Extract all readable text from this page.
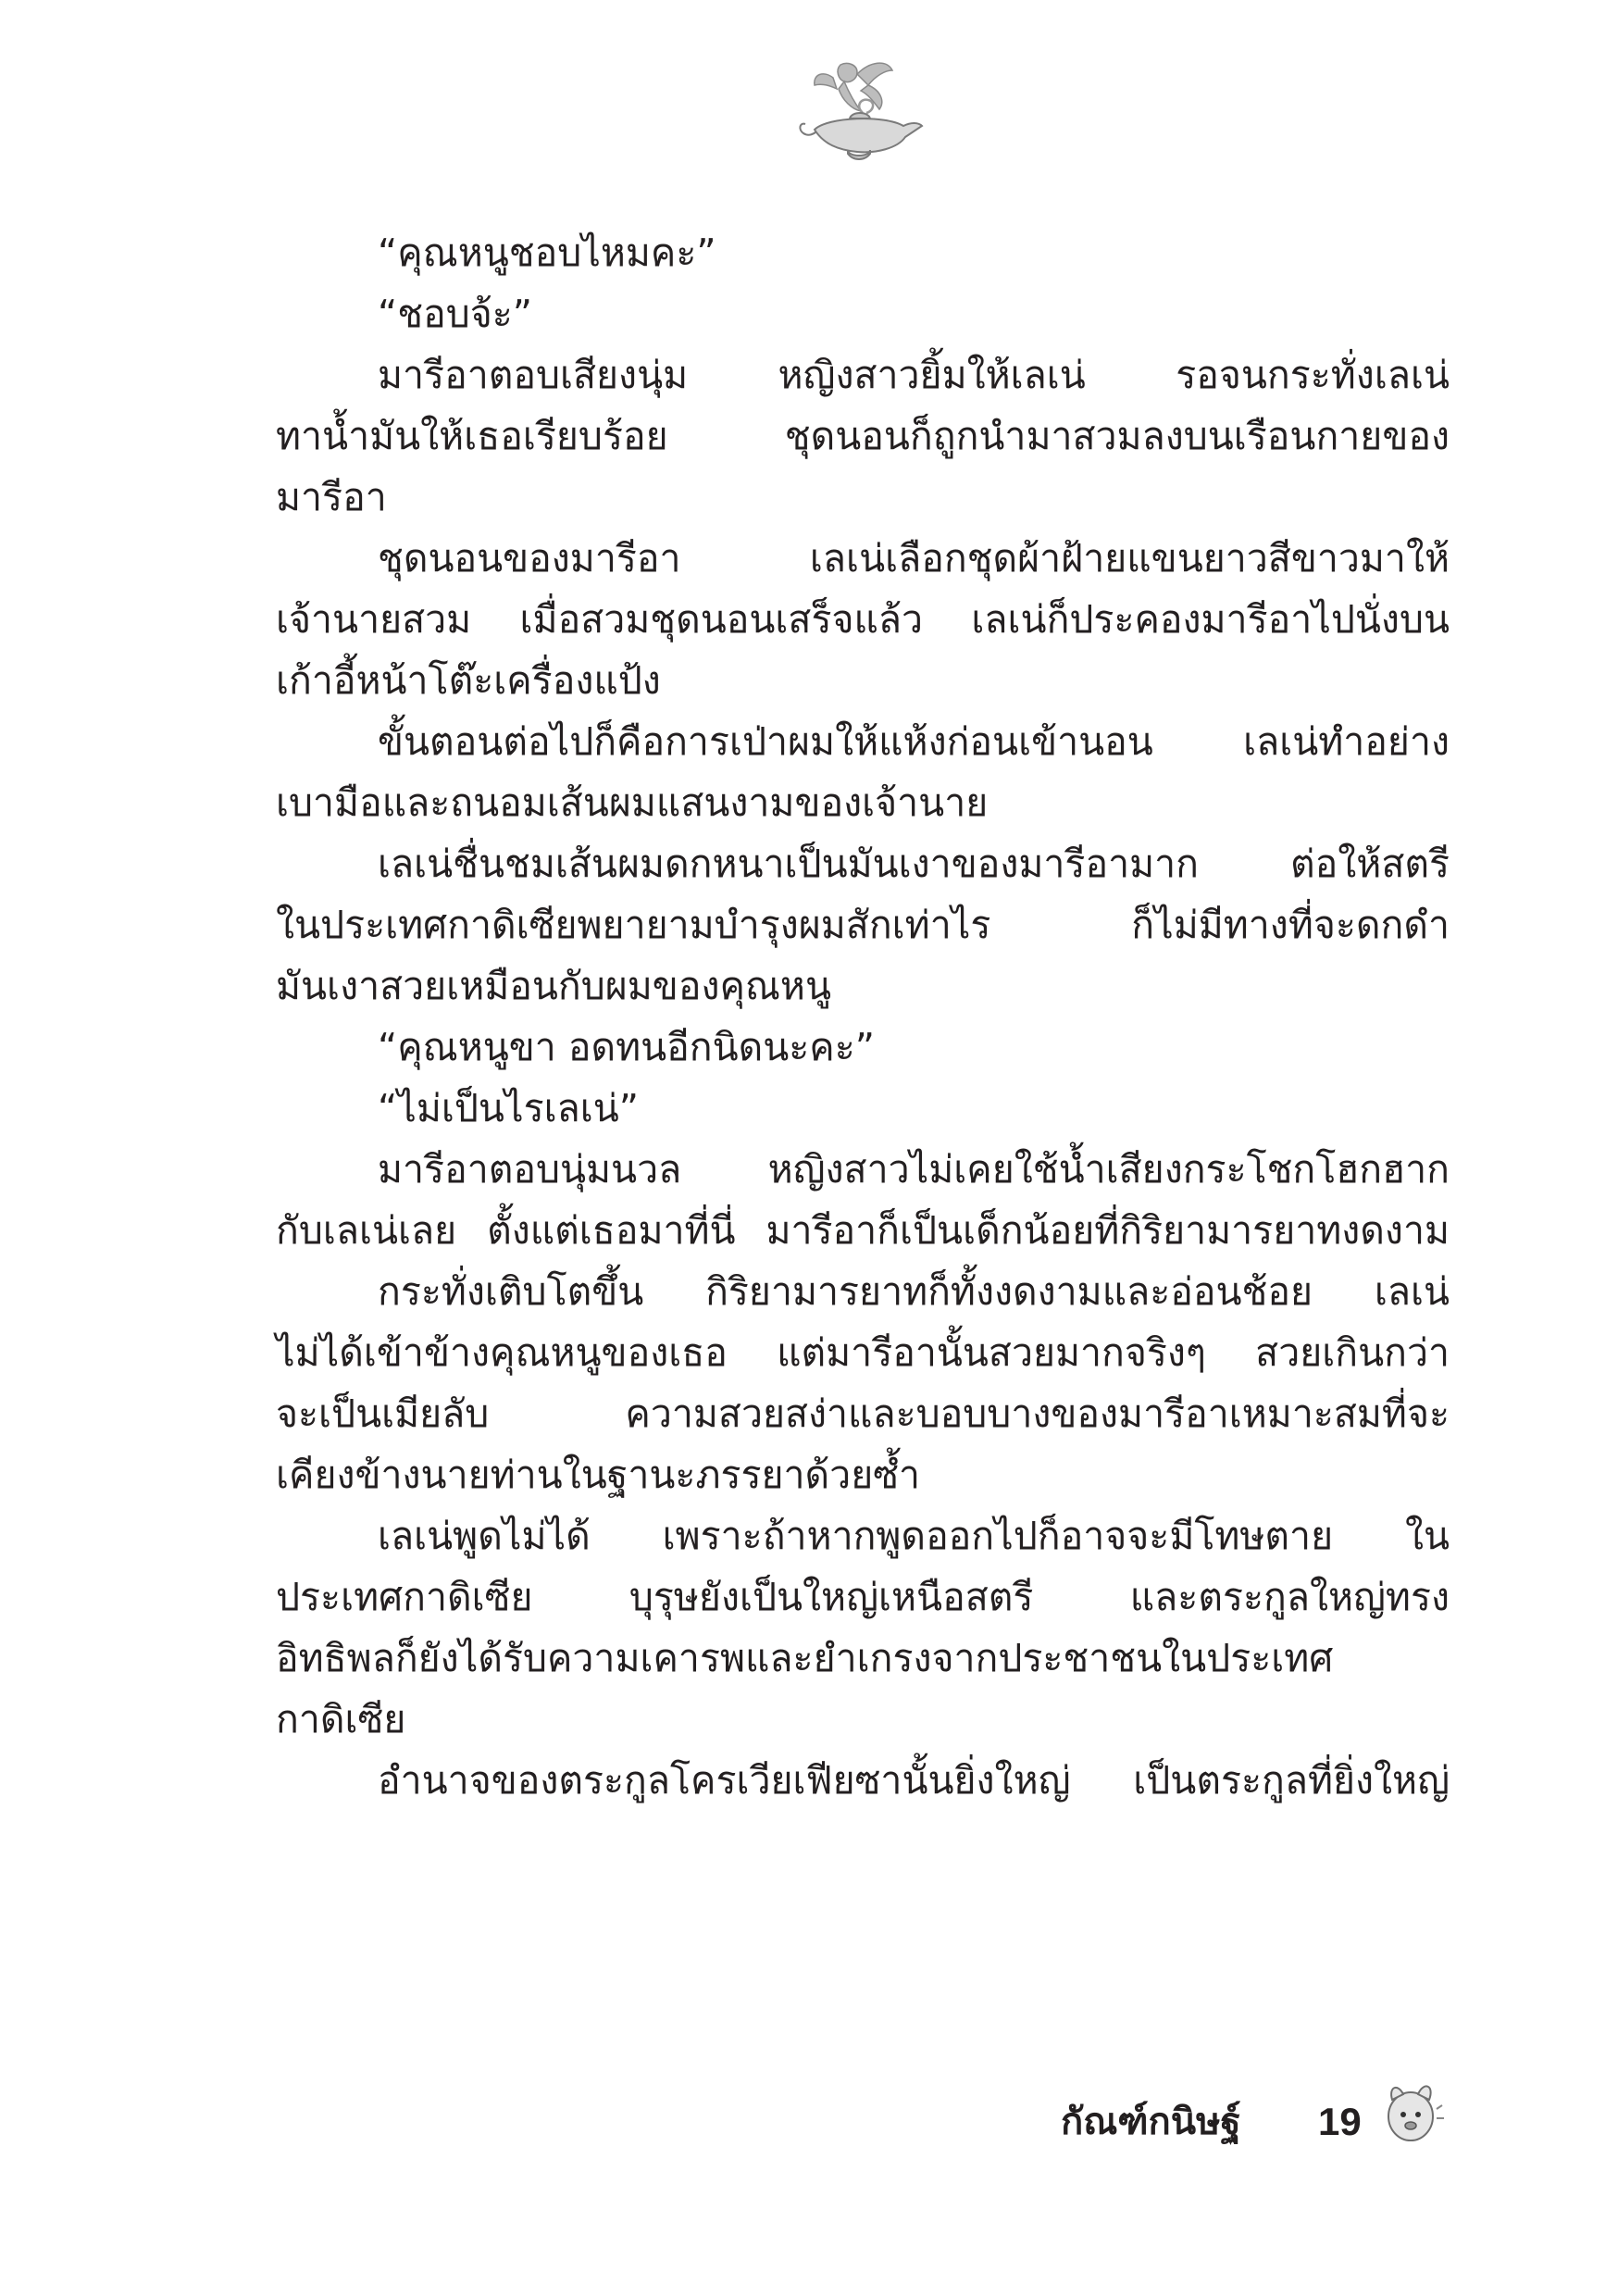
“คุณหนูชอบไหมคะ”
“ชอบจ้ะ”
มารีอาตอบเสียงนุ่ม หญิงสาวยิ้มให้เลเน่ รอจนกระทั่งเลเน่
ทาน้ำมันให้เธอเรียบร้อย ชุดนอนก็ถูกนำมาสวมลงบนเรือนกายของ
มารีอา
ชุดนอนของมารีอา เลเน่เลือกชุดผ้าฝ้ายแขนยาวสีขาวมาให้
เจ้านายสวม เมื่อสวมชุดนอนเสร็จแล้ว เลเน่ก็ประคองมารีอาไปนั่งบน
เก้าอี้หน้าโต๊ะเครื่องแป้ง
ขั้นตอนต่อไปก็คือการเป่าผมให้แห้งก่อนเข้านอน เลเน่ทำอย่าง
เบามือและถนอมเส้นผมแสนงามของเจ้านาย
เลเน่ชื่นชมเส้นผมดกหนาเป็นมันเงาของมารีอามาก ต่อให้สตรี
ในประเทศกาดิเซียพยายามบำรุงผมสักเท่าไร ก็ไม่มีทางที่จะดกดำ
มันเงาสวยเหมือนกับผมของคุณหนู
“คุณหนูขา อดทนอีกนิดนะคะ”
“ไม่เป็นไรเลเน่”
มารีอาตอบนุ่มนวล หญิงสาวไม่เคยใช้น้ำเสียงกระโชกโฮกฮาก
กับเลเน่เลย ตั้งแต่เธอมาที่นี่ มารีอาก็เป็นเด็กน้อยที่กิริยามารยาทงดงาม
กระทั่งเติบโตขึ้น กิริยามารยาทก็ทั้งงดงามและอ่อนช้อย เลเน่
ไม่ได้เข้าข้างคุณหนูของเธอ แต่มารีอานั้นสวยมากจริงๆ สวยเกินกว่า
จะเป็นเมียลับ ความสวยสง่าและบอบบางของมารีอาเหมาะสมที่จะ
เคียงข้างนายท่านในฐานะภรรยาด้วยซ้ำ
เลเน่พูดไม่ได้ เพราะถ้าหากพูดออกไปก็อาจจะมีโทษตาย ใน
ประเทศกาดิเซีย บุรุษยังเป็นใหญ่เหนือสตรี และตระกูลใหญ่ทรง
อิทธิพลก็ยังได้รับความเคารพและยำเกรงจากประชาชนในประเทศ
กาดิเซีย
อำนาจของตระกูลโครเวียเฟียซานั้นยิ่งใหญ่ เป็นตระกูลที่ยิ่งใหญ่
กัณฑ์กนิษฐ์ 19
